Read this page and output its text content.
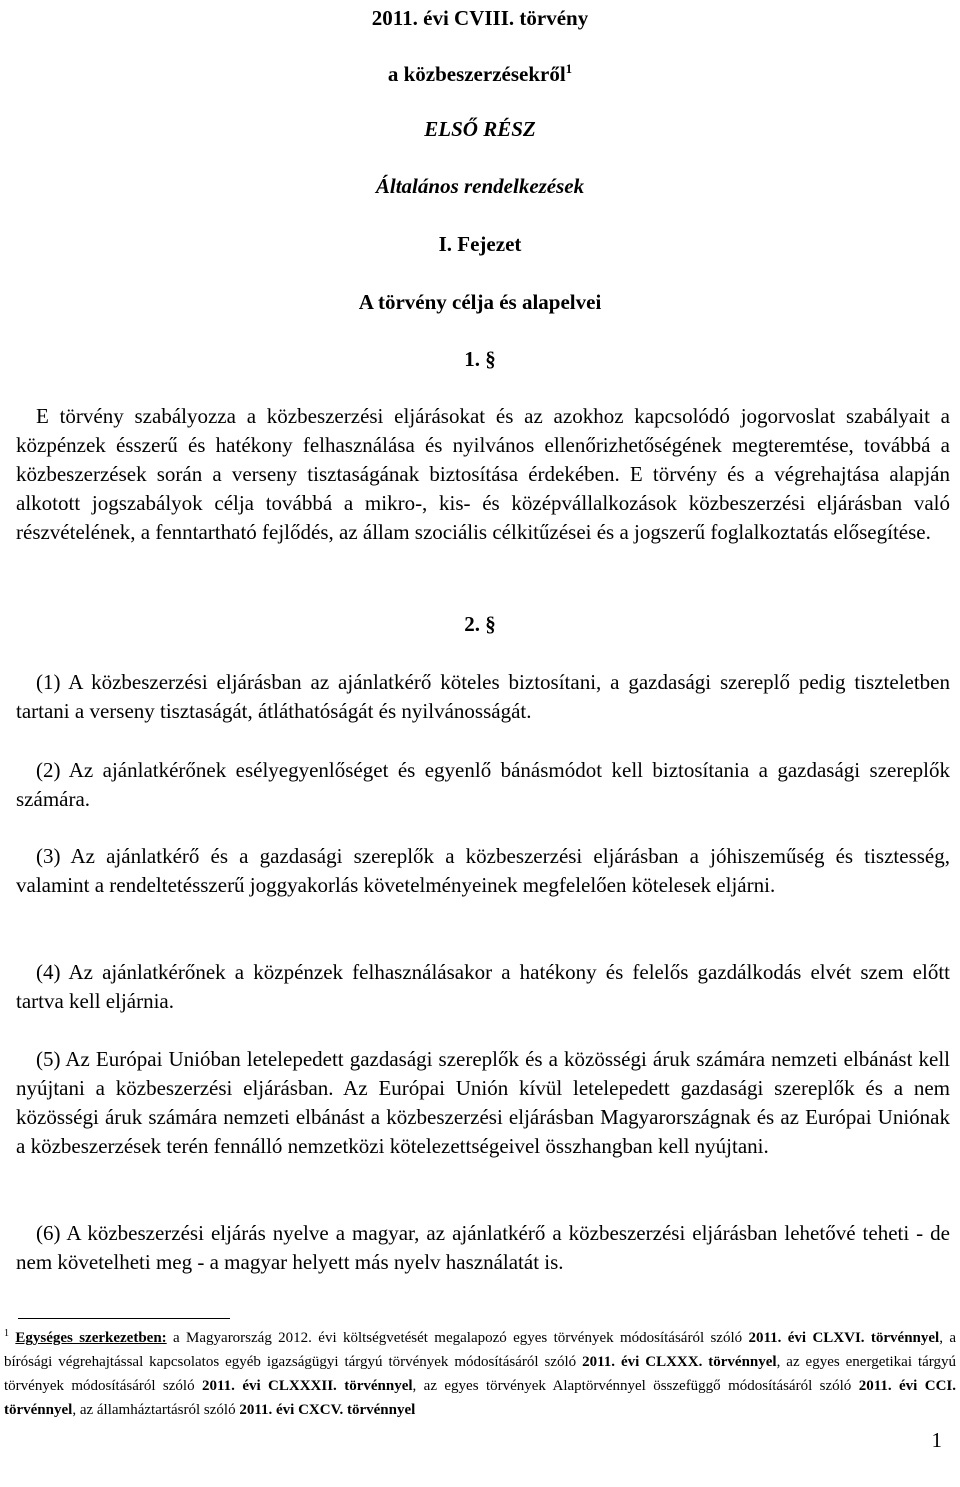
2011. évi CVIII. törvény
a közbeszerzésekről$^1$
ELSŐ RÉSZ
Általános rendelkezések
I. Fejezet
A törvény célja és alapelvei
1. §

E törvény szabályozza a közbeszerzési eljárásokat és az azokhoz kapcsolódó jogorvoslat szabályait a közpénzek ésszerű és hatékony felhasználása és nyilvános ellenőrizhetőségének megteremtése, továbbá a közbeszerzések során a verseny tisztaságának biztosítása érdekében. E törvény és a végrehajtása alapján alkotott jogszabályok célja továbbá a mikro-, kis- és középvállalkozások közbeszerzési eljárásban való részvételének, a fenntartható fejlődés, az állam szociális célkitűzései és a jogszerű foglalkoztatás elősegítése.

2. §

(1) A közbeszerzési eljárásban az ajánlatkérő köteles biztosítani, a gazdasági szereplő pedig tiszteletben tartani a verseny tisztaságát, átláthatóságát és nyilvánosságát.

(2) Az ajánlatkérőnek esélyegyenlőséget és egyenlő bánásmódot kell biztosítania a gazdasági szereplők számára.

(3) Az ajánlatkérő és a gazdasági szereplők a közbeszerzési eljárásban a jóhiszeműség és tisztesség, valamint a rendeltetésszerű joggyakorlás követelményeinek megfelelően kötelesek eljárni.

(4) Az ajánlatkérőnek a közpénzek felhasználásakor a hatékony és felelős gazdálkodás elvét szem előtt tartva kell eljárnia.

(5) Az Európai Unióban letelepedett gazdasági szereplők és a közösségi áruk számára nemzeti elbánást kell nyújtani a közbeszerzési eljárásban. Az Európai Unión kívül letelepedett gazdasági szereplők és a nem közösségi áruk számára nemzeti elbánást a közbeszerzési eljárásban Magyarországnak és az Európai Uniónak a közbeszerzések terén fennálló nemzetközi kötelezettségeivel összhangban kell nyújtani.

(6) A közbeszerzési eljárás nyelve a magyar, az ajánlatkérő a közbeszerzési eljárásban lehetővé teheti - de nem követelheti meg - a magyar helyett más nyelv használatát is.

$^1$ Egységes szerkezetben: a Magyarország 2012. évi költségvetését megalapozó egyes törvények módosításáról szóló 2011. évi CLXVI. törvénnyel, a bírósági végrehajtással kapcsolatos egyéb igazságügyi tárgyú törvények módosításáról szóló 2011. évi CLXXX. törvénnyel, az egyes energetikai tárgyú törvények módosításáról szóló 2011. évi CLXXXII. törvénnyel, az egyes törvények Alaptörvénnyel összefüggő módosításáról szóló 2011. évi CCI. törvénnyel, az államháztartásról szóló 2011. évi CXCV. törvénnyel

1
